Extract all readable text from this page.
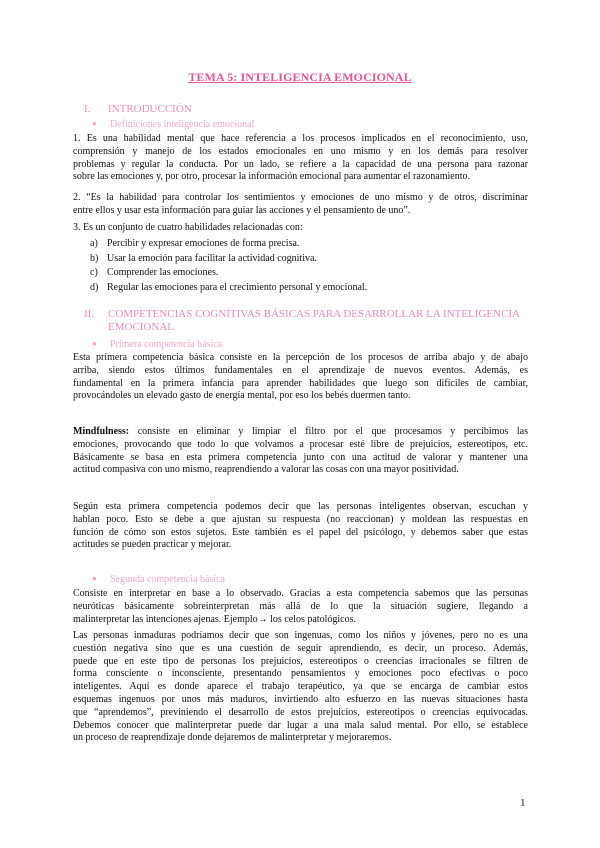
TEMA 5: INTELIGENCIA EMOCIONAL
I. INTRODUCCIÓN
● Definiciones inteligencia emocional
1. Es una habilidad mental que hace referencia a los procesos implicados en el reconocimiento, uso,
comprensión y manejo de los estados emocionales en uno mismo y en los demás para resolver
problemas y regular la conducta. Por un lado, se refiere a la capacidad de una persona para razonar
sobre las emociones y, por otro, procesar la información emocional para aumentar el razonamiento.
2. “Es la habilidad para controlar los sentimientos y emociones de uno mismo y de otros, discriminar
entre ellos y usar esta información para guiar las acciones y el pensamiento de uno”.
3. Es un conjunto de cuatro habilidades relacionadas con:
a) Percibir y expresar emociones de forma precisa.
b) Usar la emoción para facilitar la actividad cognitiva.
c) Comprender las emociones.
d) Regular las emociones para el crecimiento personal y emocional.
II. COMPETENCIAS COGNITIVAS BÁSICAS PARA DESARROLLAR LA INTELIGENCIA
EMOCIONAL
● Primera competencia básica
Esta primera competencia básica consiste en la percepción de los procesos de arriba abajo y de abajo
arriba, siendo estos últimos fundamentales en el aprendizaje de nuevos eventos. Además, es
fundamental en la primera infancia para aprender habilidades que luego son difíciles de cambiar,
provocándoles un elevado gasto de energía mental, por eso los bebés duermen tanto.
Mindfulness: consiste en eliminar y limpiar el filtro por el que procesamos y percibimos las
emociones, provocando que todo lo que volvamos a procesar esté libre de prejuicios, estereotipos, etc.
Básicamente se basa en esta primera competencia junto con una actitud de valorar y mantener una
actitud compasiva con uno mismo, reaprendiendo a valorar las cosas con una mayor positividad.
Según esta primera competencia podemos decir que las personas inteligentes observan, escuchan y
hablan poco. Esto se debe a que ajustan su respuesta (no reaccionan) y moldean las respuestas en
función de cómo son estos sujetos. Este también es el papel del psicólogo, y debemos saber que estas
actitudes se pueden practicar y mejorar.
● Segunda competencia básica
Consiste en interpretar en base a lo observado. Gracias a esta competencia sabemos que las personas
neuróticas básicamente sobreinterpretan más allá de lo que la situación sugiere, llegando a
malinterpretar las intenciones ajenas. Ejemplo→ los celos patológicos.
Las personas inmaduras podríamos decir que son ingenuas, como los niños y jóvenes, pero no es una
cuestión negativa sino que es una cuestión de seguir aprendiendo, es decir, un proceso. Además,
puede que en este tipo de personas los prejuicios, estereotipos o creencias irracionales se filtren de
forma consciente o inconsciente, presentando pensamientos y emociones poco efectivas o poco
inteligentes. Aquí es donde aparece el trabajo terapéutico, ya que se encarga de cambiar estos
esquemas ingenuos por unos más maduros, invirtiendo alto esfuerzo en las nuevas situaciones hasta
que “aprendemos”, previniendo el desarrollo de estos prejuicios, estereotipos o creencias equivocadas.
Debemos conocer que malinterpretar puede dar lugar a una mala salud mental. Por ello, se establece
un proceso de reaprendizaje donde dejaremos de malinterpretar y mejoraremos.
1
